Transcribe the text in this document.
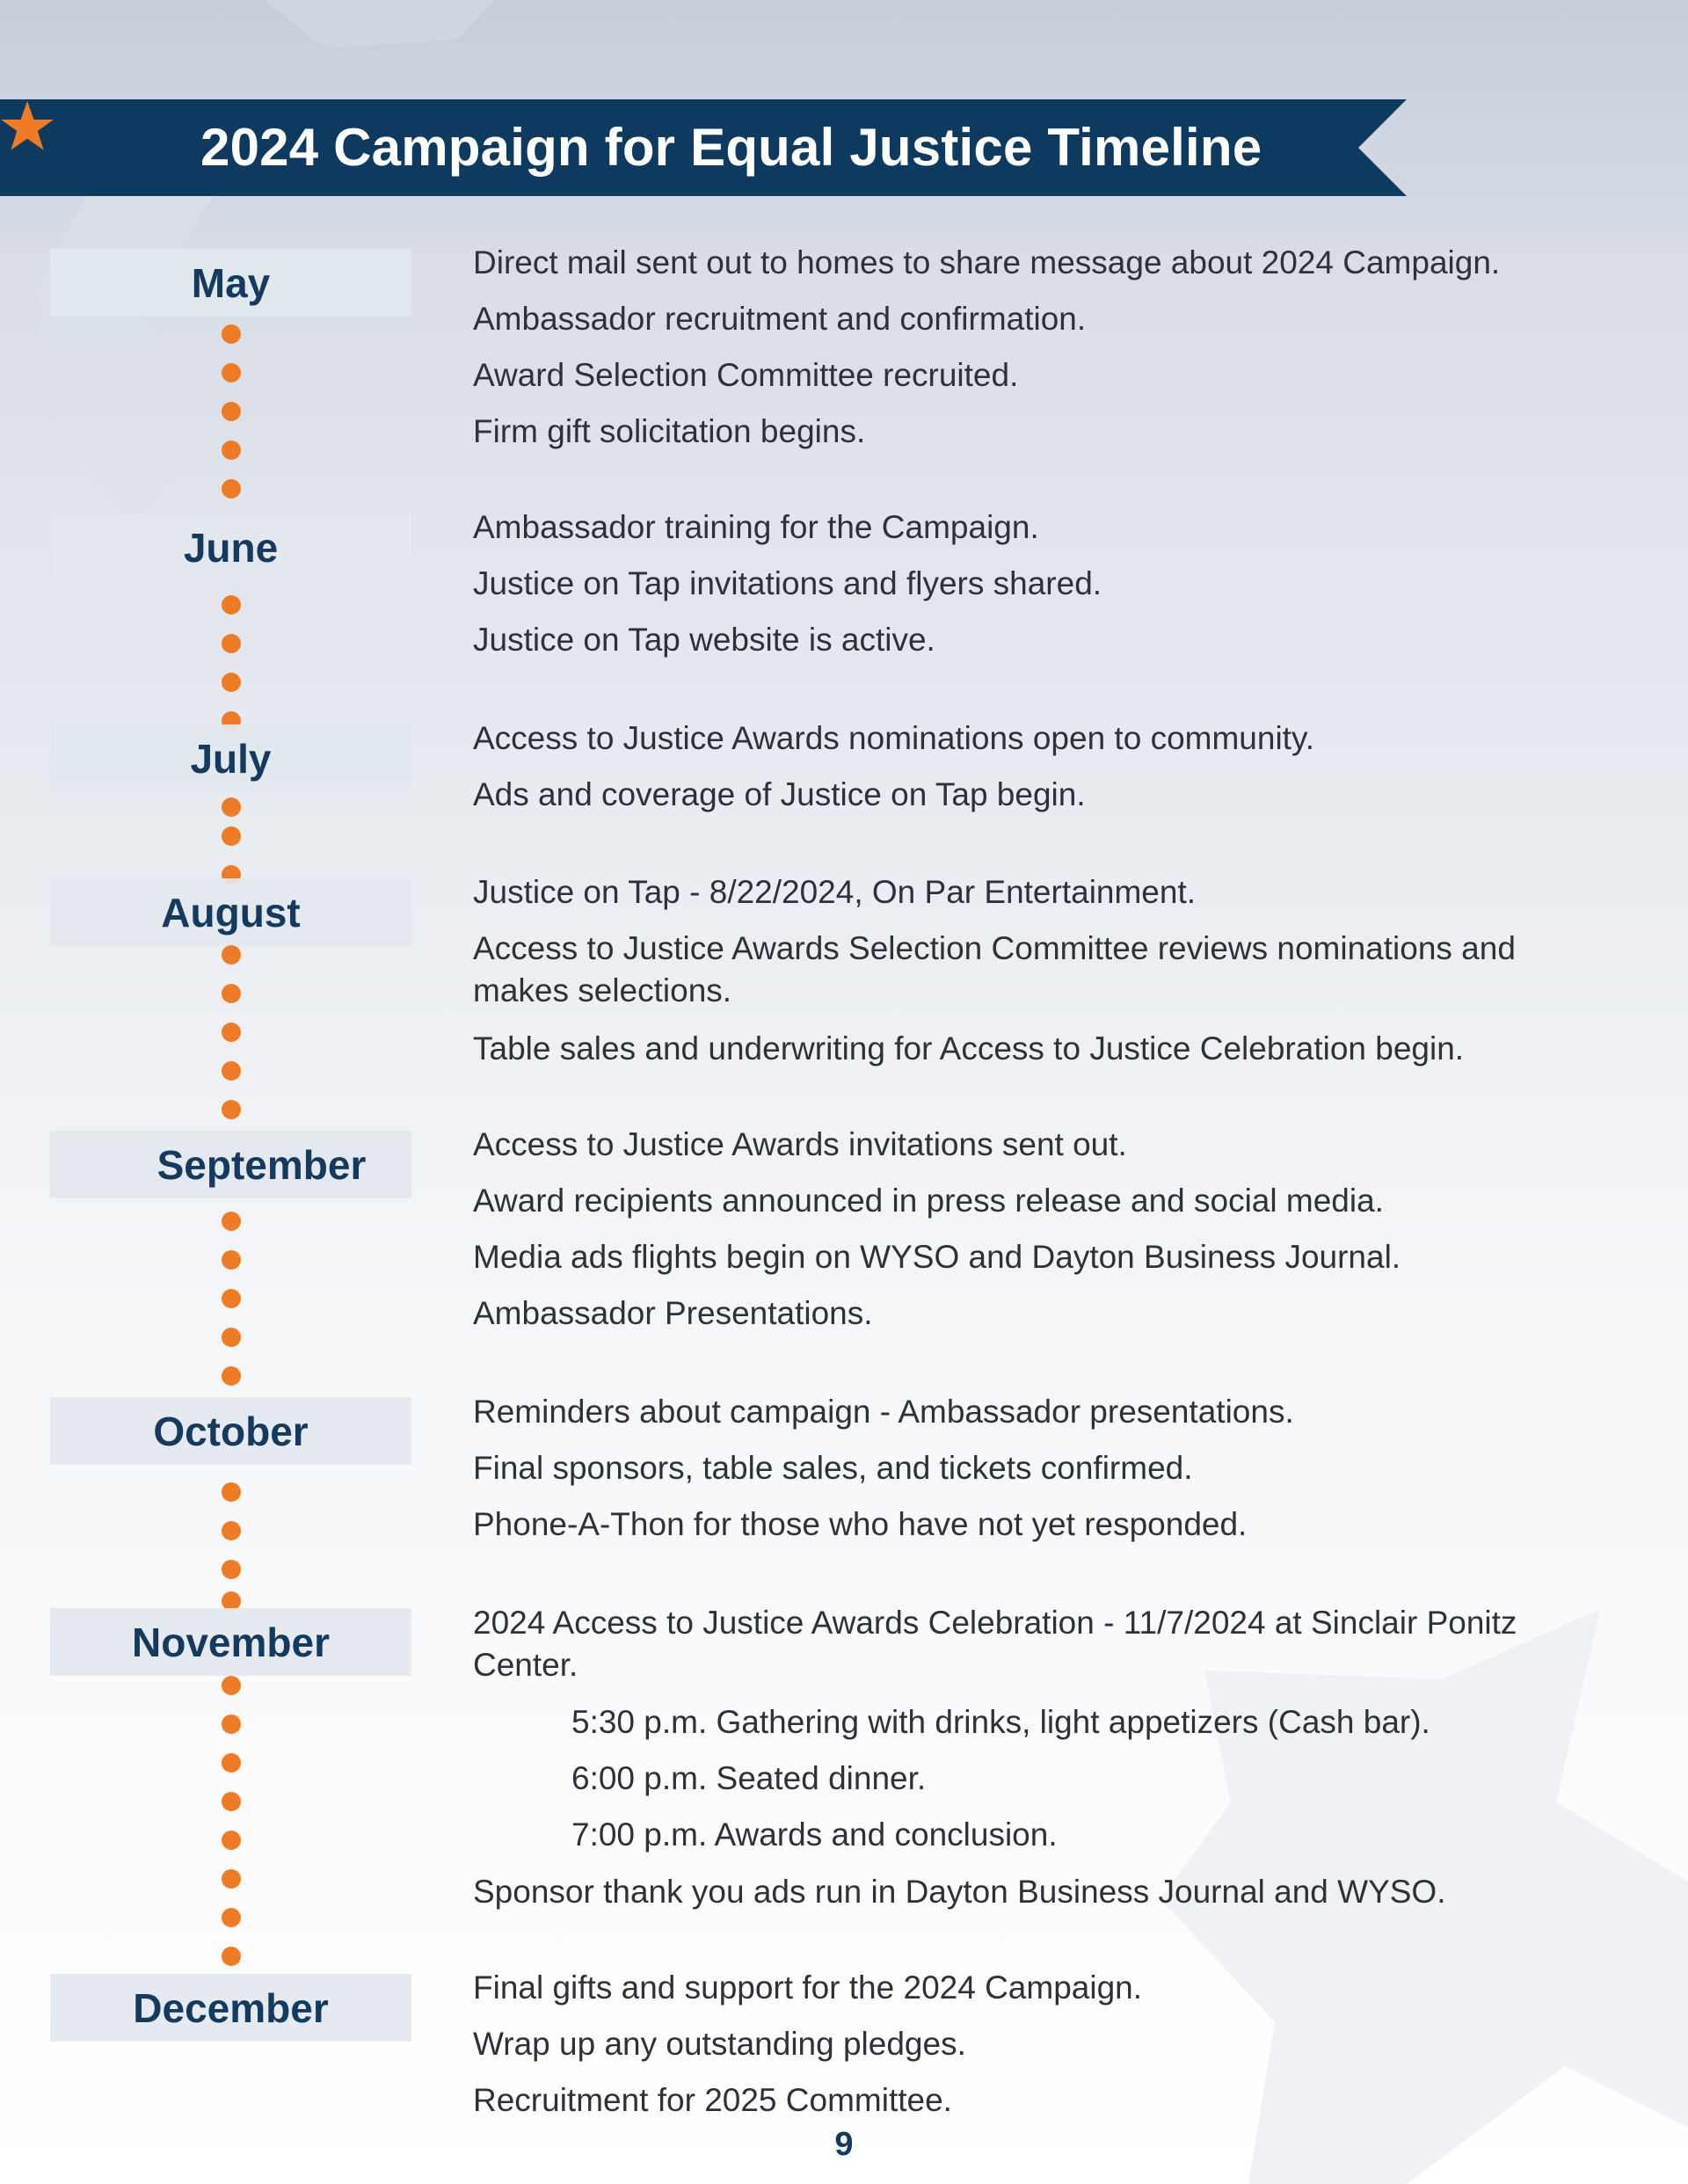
2024 Campaign for Equal Justice Timeline
May	Direct mail sent out to homes to share message about 2024 Campaign.
Ambassador recruitment and confirmation.
Award Selection Committee recruited.
Firm gift solicitation begins.
June	Ambassador training for the Campaign.
Justice on Tap invitations and flyers shared.
Justice on Tap website is active.
July	Access to Justice Awards nominations open to community.
Ads and coverage of Justice on Tap begin.
August	Justice on Tap - 8/22/2024, On Par Entertainment.
Access to Justice Awards Selection Committee reviews nominations and makes selections.
Table sales and underwriting for Access to Justice Celebration begin.
September	Access to Justice Awards invitations sent out.
Award recipients announced in press release and social media.
Media ads flights begin on WYSO and Dayton Business Journal.
Ambassador Presentations.
October	Reminders about campaign - Ambassador presentations.
Final sponsors, table sales, and tickets confirmed.
Phone-A-Thon for those who have not yet responded.
November	2024 Access to Justice Awards Celebration - 11/7/2024 at Sinclair Ponitz Center.
5:30 p.m. Gathering with drinks, light appetizers (Cash bar).
6:00 p.m. Seated dinner.
7:00 p.m. Awards and conclusion.
Sponsor thank you ads run in Dayton Business Journal and WYSO.
December	Final gifts and support for the 2024 Campaign.
Wrap up any outstanding pledges.
Recruitment for 2025 Committee.
9
